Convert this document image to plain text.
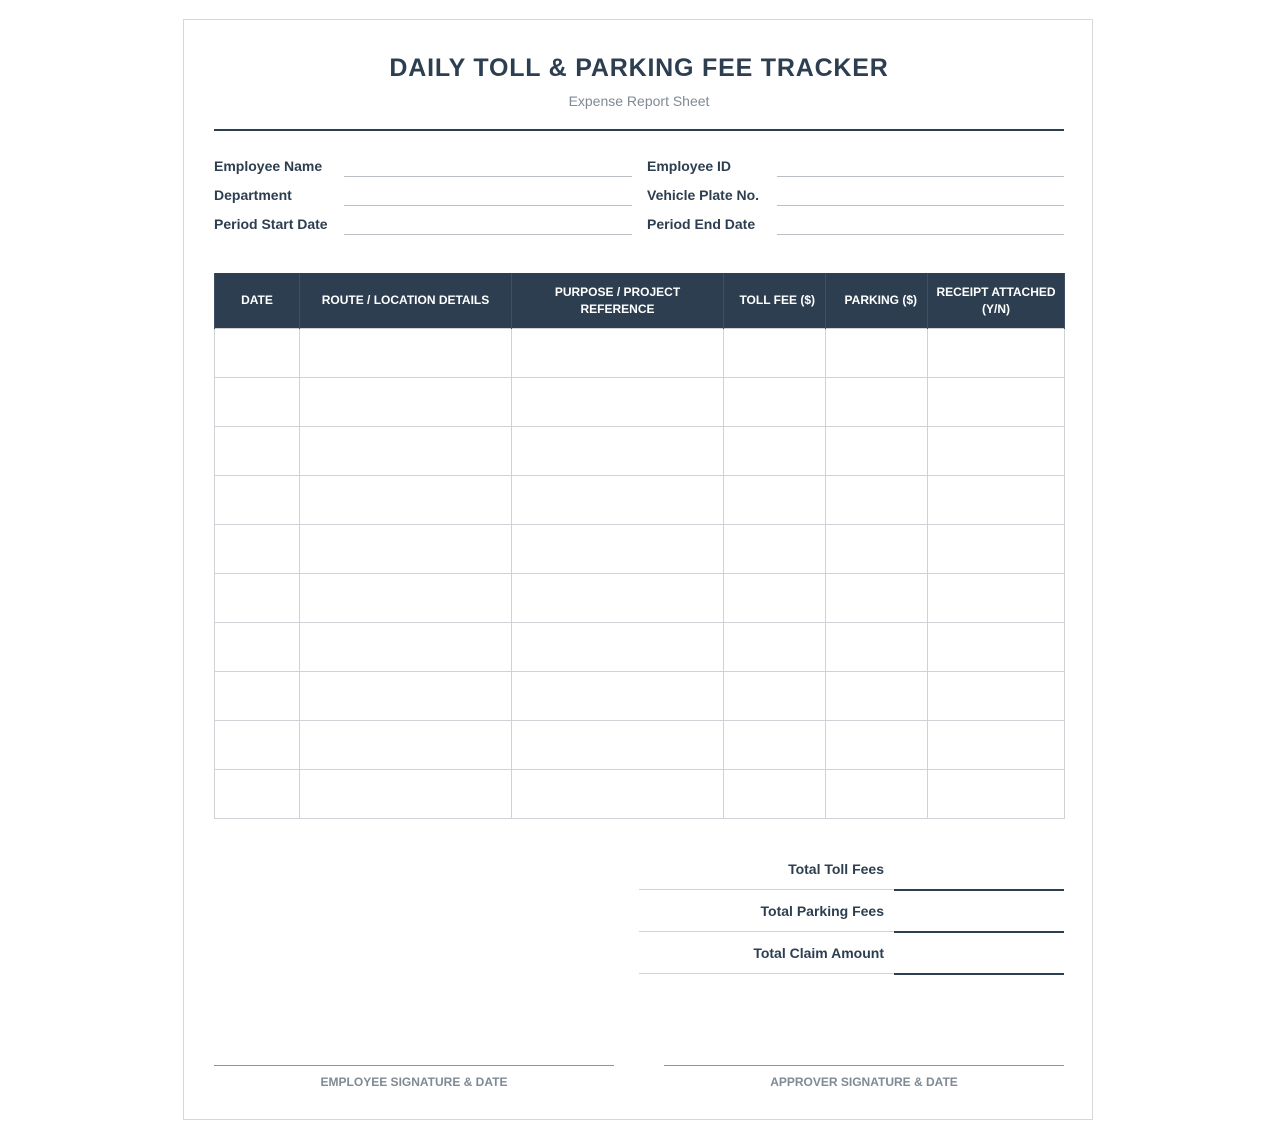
DAILY TOLL & PARKING FEE TRACKER
Expense Report Sheet
Employee Name	Employee ID
Department	Vehicle Plate No.
Period Start Date	Period End Date
DATE	ROUTE / LOCATION DETAILS	PURPOSE / PROJECT REFERENCE	TOLL FEE ($)	PARKING ($)	RECEIPT ATTACHED (Y/N)

Total Toll Fees
Total Parking Fees
Total Claim Amount
EMPLOYEE SIGNATURE & DATE	APPROVER SIGNATURE & DATE
